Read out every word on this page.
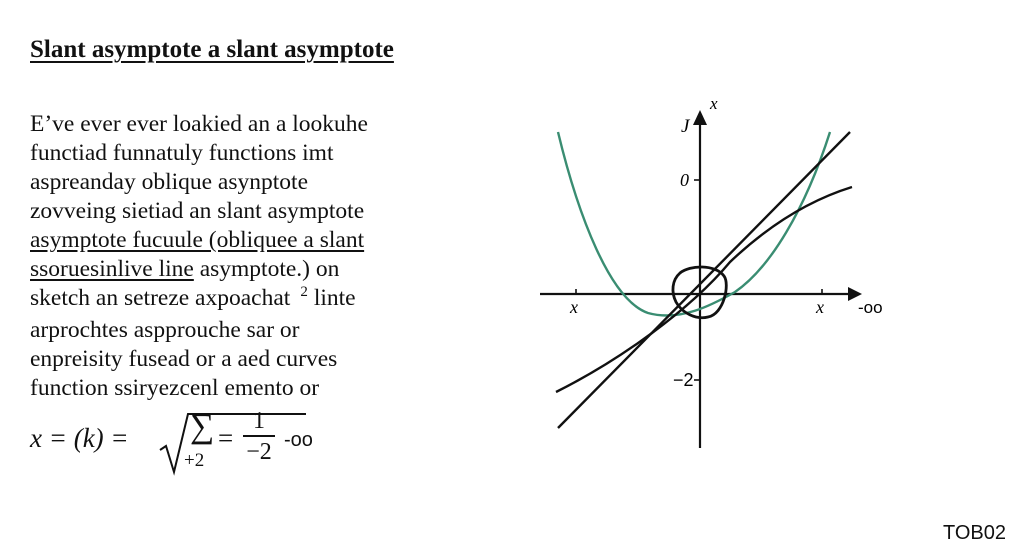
Slant asymptote a slant asymptote
E’ve ever ever loakied an a lookuhe
functiad funnatuly functions imt
aspreanday oblique asynptote
zovveing sietiad an slant asymptote
asymptote fucuule (obliquee a slant
ssoruesinlive line asymptote.) on
sketch an setreze axpoachat $^2$ linte
arprochtes aspprouche sar or
enpreisity fusead or a aed curves
function ssiryezcenl emento or
x = (k) = ∑
+2
=
1
−2 -oo
x
J
0
−2
x	x -oo
TOB02
